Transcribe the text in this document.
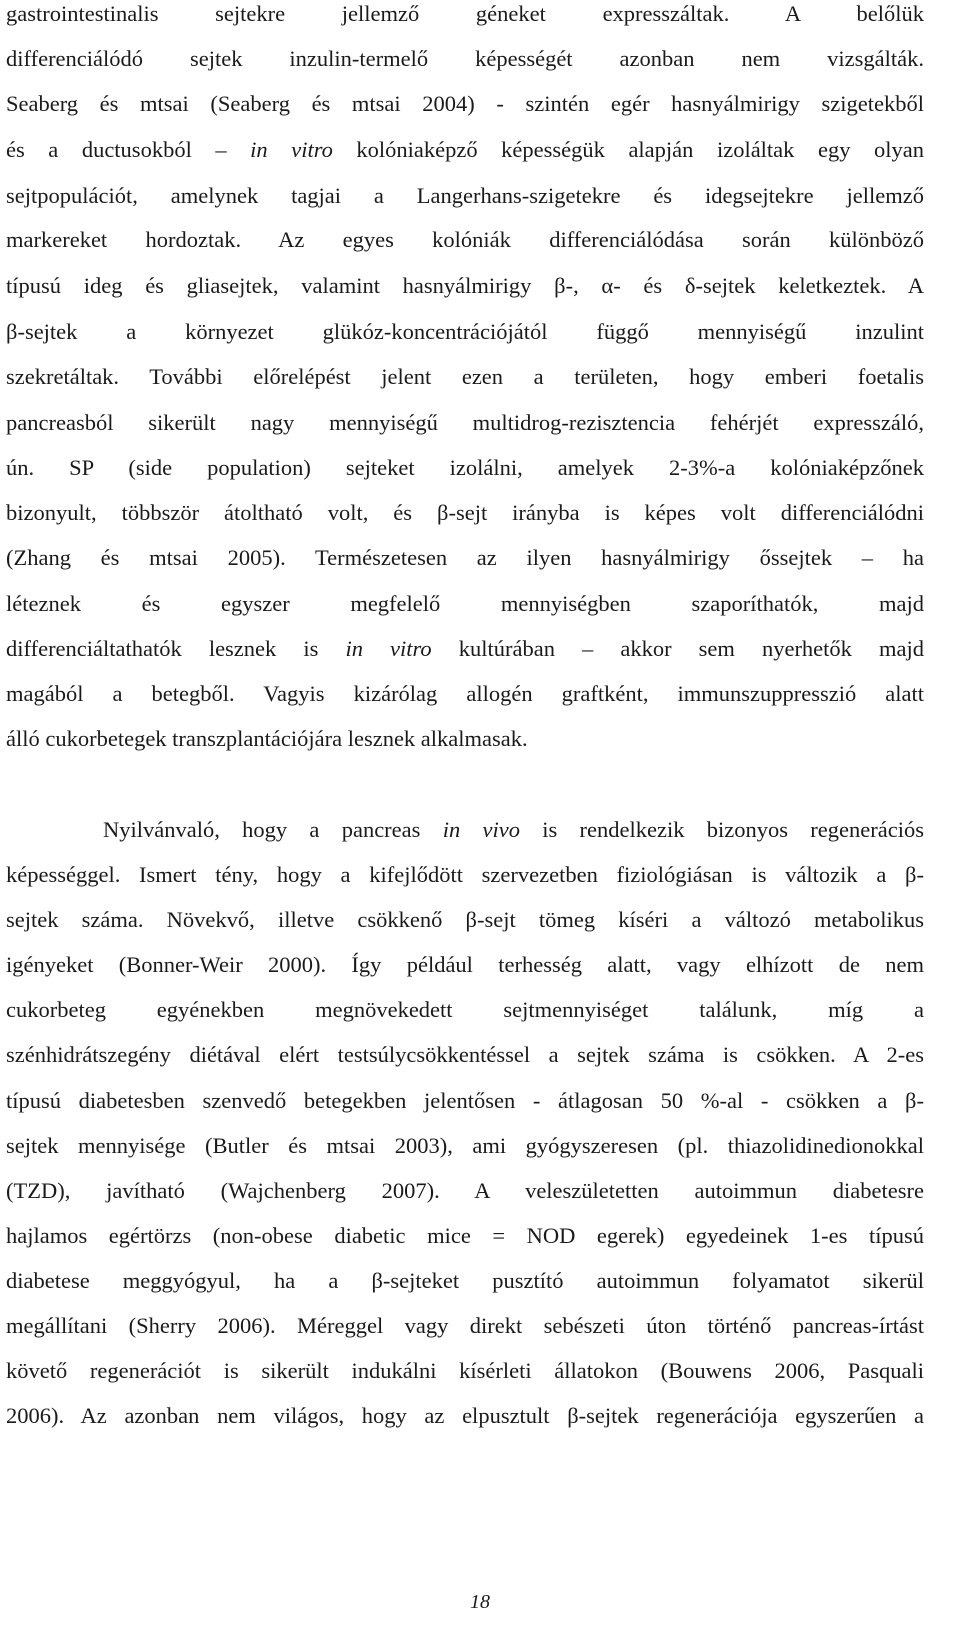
gastrointestinalis sejtekre jellemző géneket expresszáltak. A belőlük
differenciálódó sejtek inzulin-termelő képességét azonban nem vizsgálták.
Seaberg és mtsai (Seaberg és mtsai 2004) - szintén egér hasnyálmirigy szigetekből
és a ductusokból – in vitro kolóniaképző képességük alapján izoláltak egy olyan
sejtpopulációt, amelynek tagjai a Langerhans-szigetekre és idegsejtekre jellemző
markereket hordoztak. Az egyes kolóniák differenciálódása során különböző
típusú ideg és gliasejtek, valamint hasnyálmirigy β-, α- és δ-sejtek keletkeztek. A
β-sejtek a környezet glükóz-koncentrációjától függő mennyiségű inzulint
szekretáltak. További előrelépést jelent ezen a területen, hogy emberi foetalis
pancreasból sikerült nagy mennyiségű multidrog-rezisztencia fehérjét expresszáló,
ún. SP (side population) sejteket izolálni, amelyek 2-3%-a kolóniaképzőnek
bizonyult, többször átoltható volt, és β-sejt irányba is képes volt differenciálódni
(Zhang és mtsai 2005). Természetesen az ilyen hasnyálmirigy őssejtek – ha
léteznek és egyszer megfelelő mennyiségben szaporíthatók, majd
differenciáltathatók lesznek is in vitro kultúrában – akkor sem nyerhetők majd
magából a betegből. Vagyis kizárólag allogén graftként, immunszuppresszió alatt
álló cukorbetegek transzplantációjára lesznek alkalmasak.
Nyilvánvaló, hogy a pancreas in vivo is rendelkezik bizonyos regenerációs
képességgel. Ismert tény, hogy a kifejlődött szervezetben fiziológiásan is változik a β-
sejtek száma. Növekvő, illetve csökkenő β-sejt tömeg kíséri a változó metabolikus
igényeket (Bonner-Weir 2000). Így például terhesség alatt, vagy elhízott de nem
cukorbeteg egyénekben megnövekedett sejtmennyiséget találunk, míg a
szénhidrátszegény diétával elért testsúlycsökkentéssel a sejtek száma is csökken. A 2-es
típusú diabetesben szenvedő betegekben jelentősen - átlagosan 50 %-al - csökken a β-
sejtek mennyisége (Butler és mtsai 2003), ami gyógyszeresen (pl. thiazolidinedionokkal
(TZD), javítható (Wajchenberg 2007). A veleszületetten autoimmun diabetesre
hajlamos egértörzs (non-obese diabetic mice = NOD egerek) egyedeinek 1-es típusú
diabetese meggyógyul, ha a β-sejteket pusztító autoimmun folyamatot sikerül
megállítani (Sherry 2006). Méreggel vagy direkt sebészeti úton történő pancreas-írtást
követő regenerációt is sikerült indukálni kísérleti állatokon (Bouwens 2006, Pasquali
2006). Az azonban nem világos, hogy az elpusztult β-sejtek regenerációja egyszerűen a
18
